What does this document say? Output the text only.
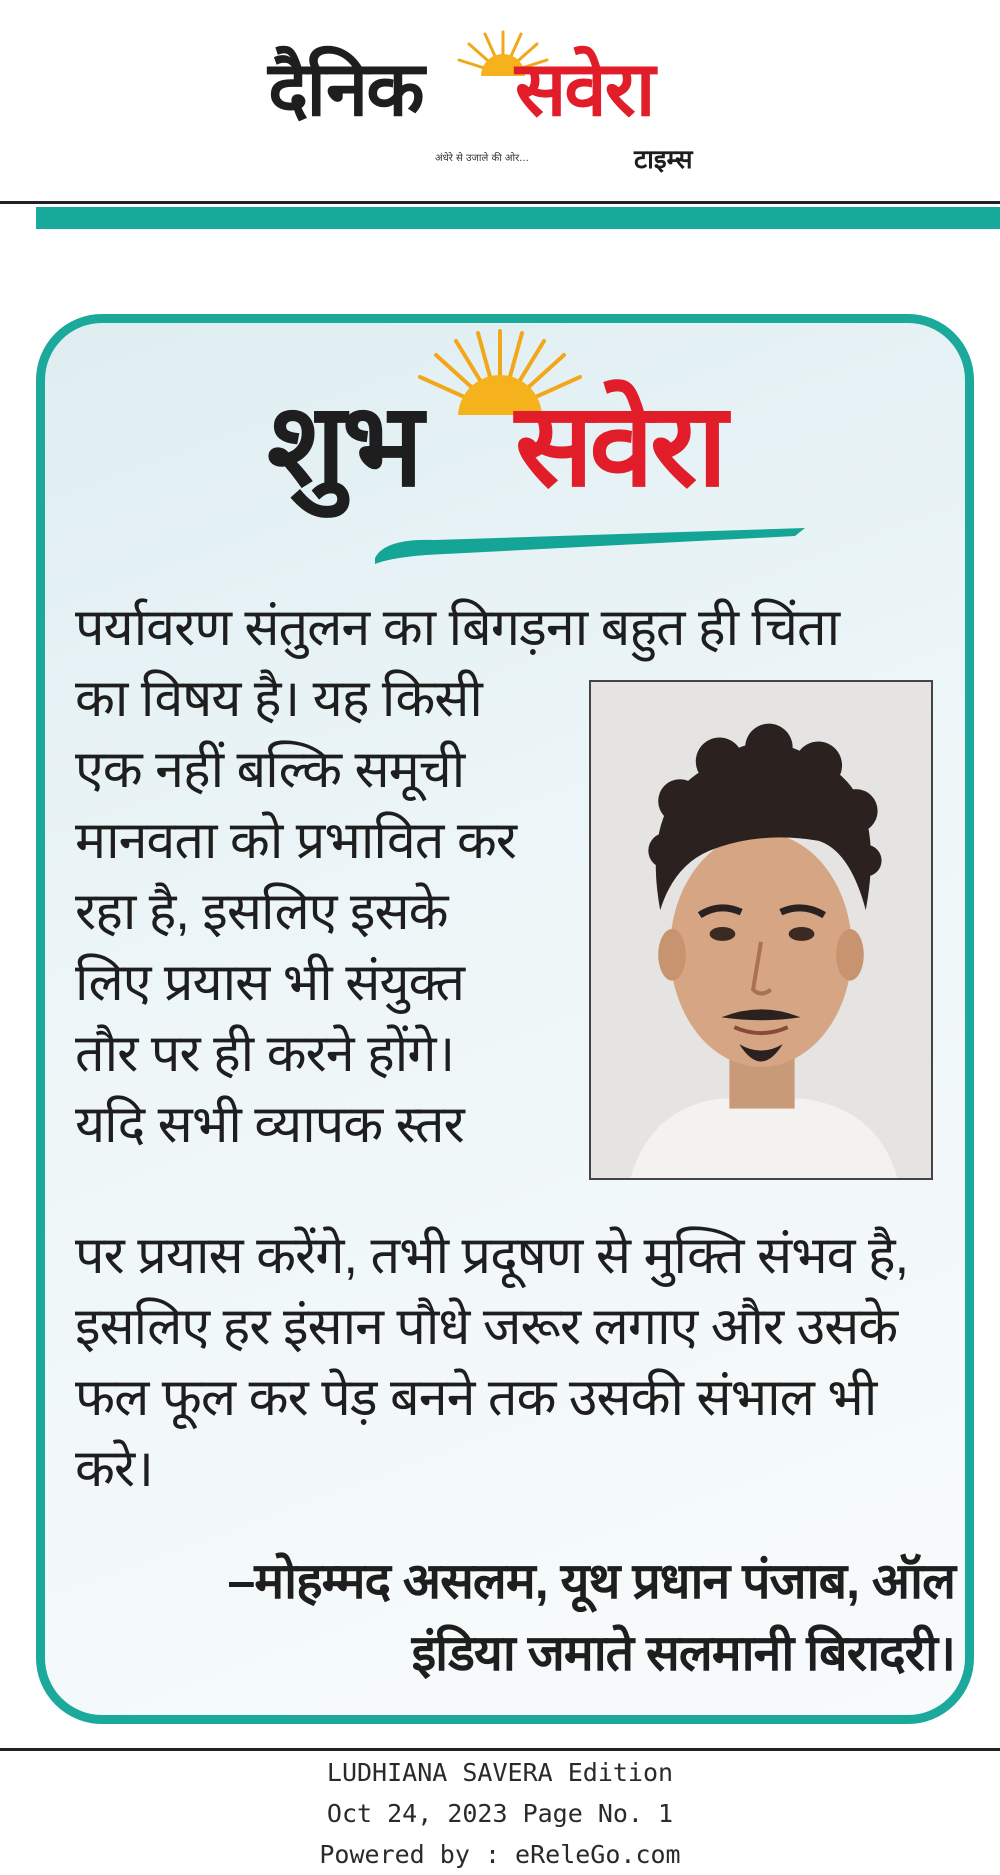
दैनिक सवेरा
अंधेरे से उजाले की ओर...	टाइम्स
शुभ सवेरा

पर्यावरण संतुलन का बिगड़ना बहुत ही चिंता

का विषय है। यह किसी
एक नहीं बल्कि समूची
मानवता को प्रभावित कर
रहा है, इसलिए इसके
लिए प्रयास भी संयुक्त
तौर पर ही करने होंगे।
यदि सभी व्यापक स्तर

पर प्रयास करेंगे, तभी प्रदूषण से मुक्ति संभव है, इसलिए हर इंसान पौधे जरूर लगाए और उसके फल फूल कर पेड़ बनने तक उसकी संभाल भी करे।

–मोहम्मद असलम, यूथ प्रधान पंजाब, ऑल
इंडिया जमाते सलमानी बिरादरी।
LUDHIANA SAVERA Edition
Oct 24, 2023 Page No. 1
Powered by : eReleGo.com
